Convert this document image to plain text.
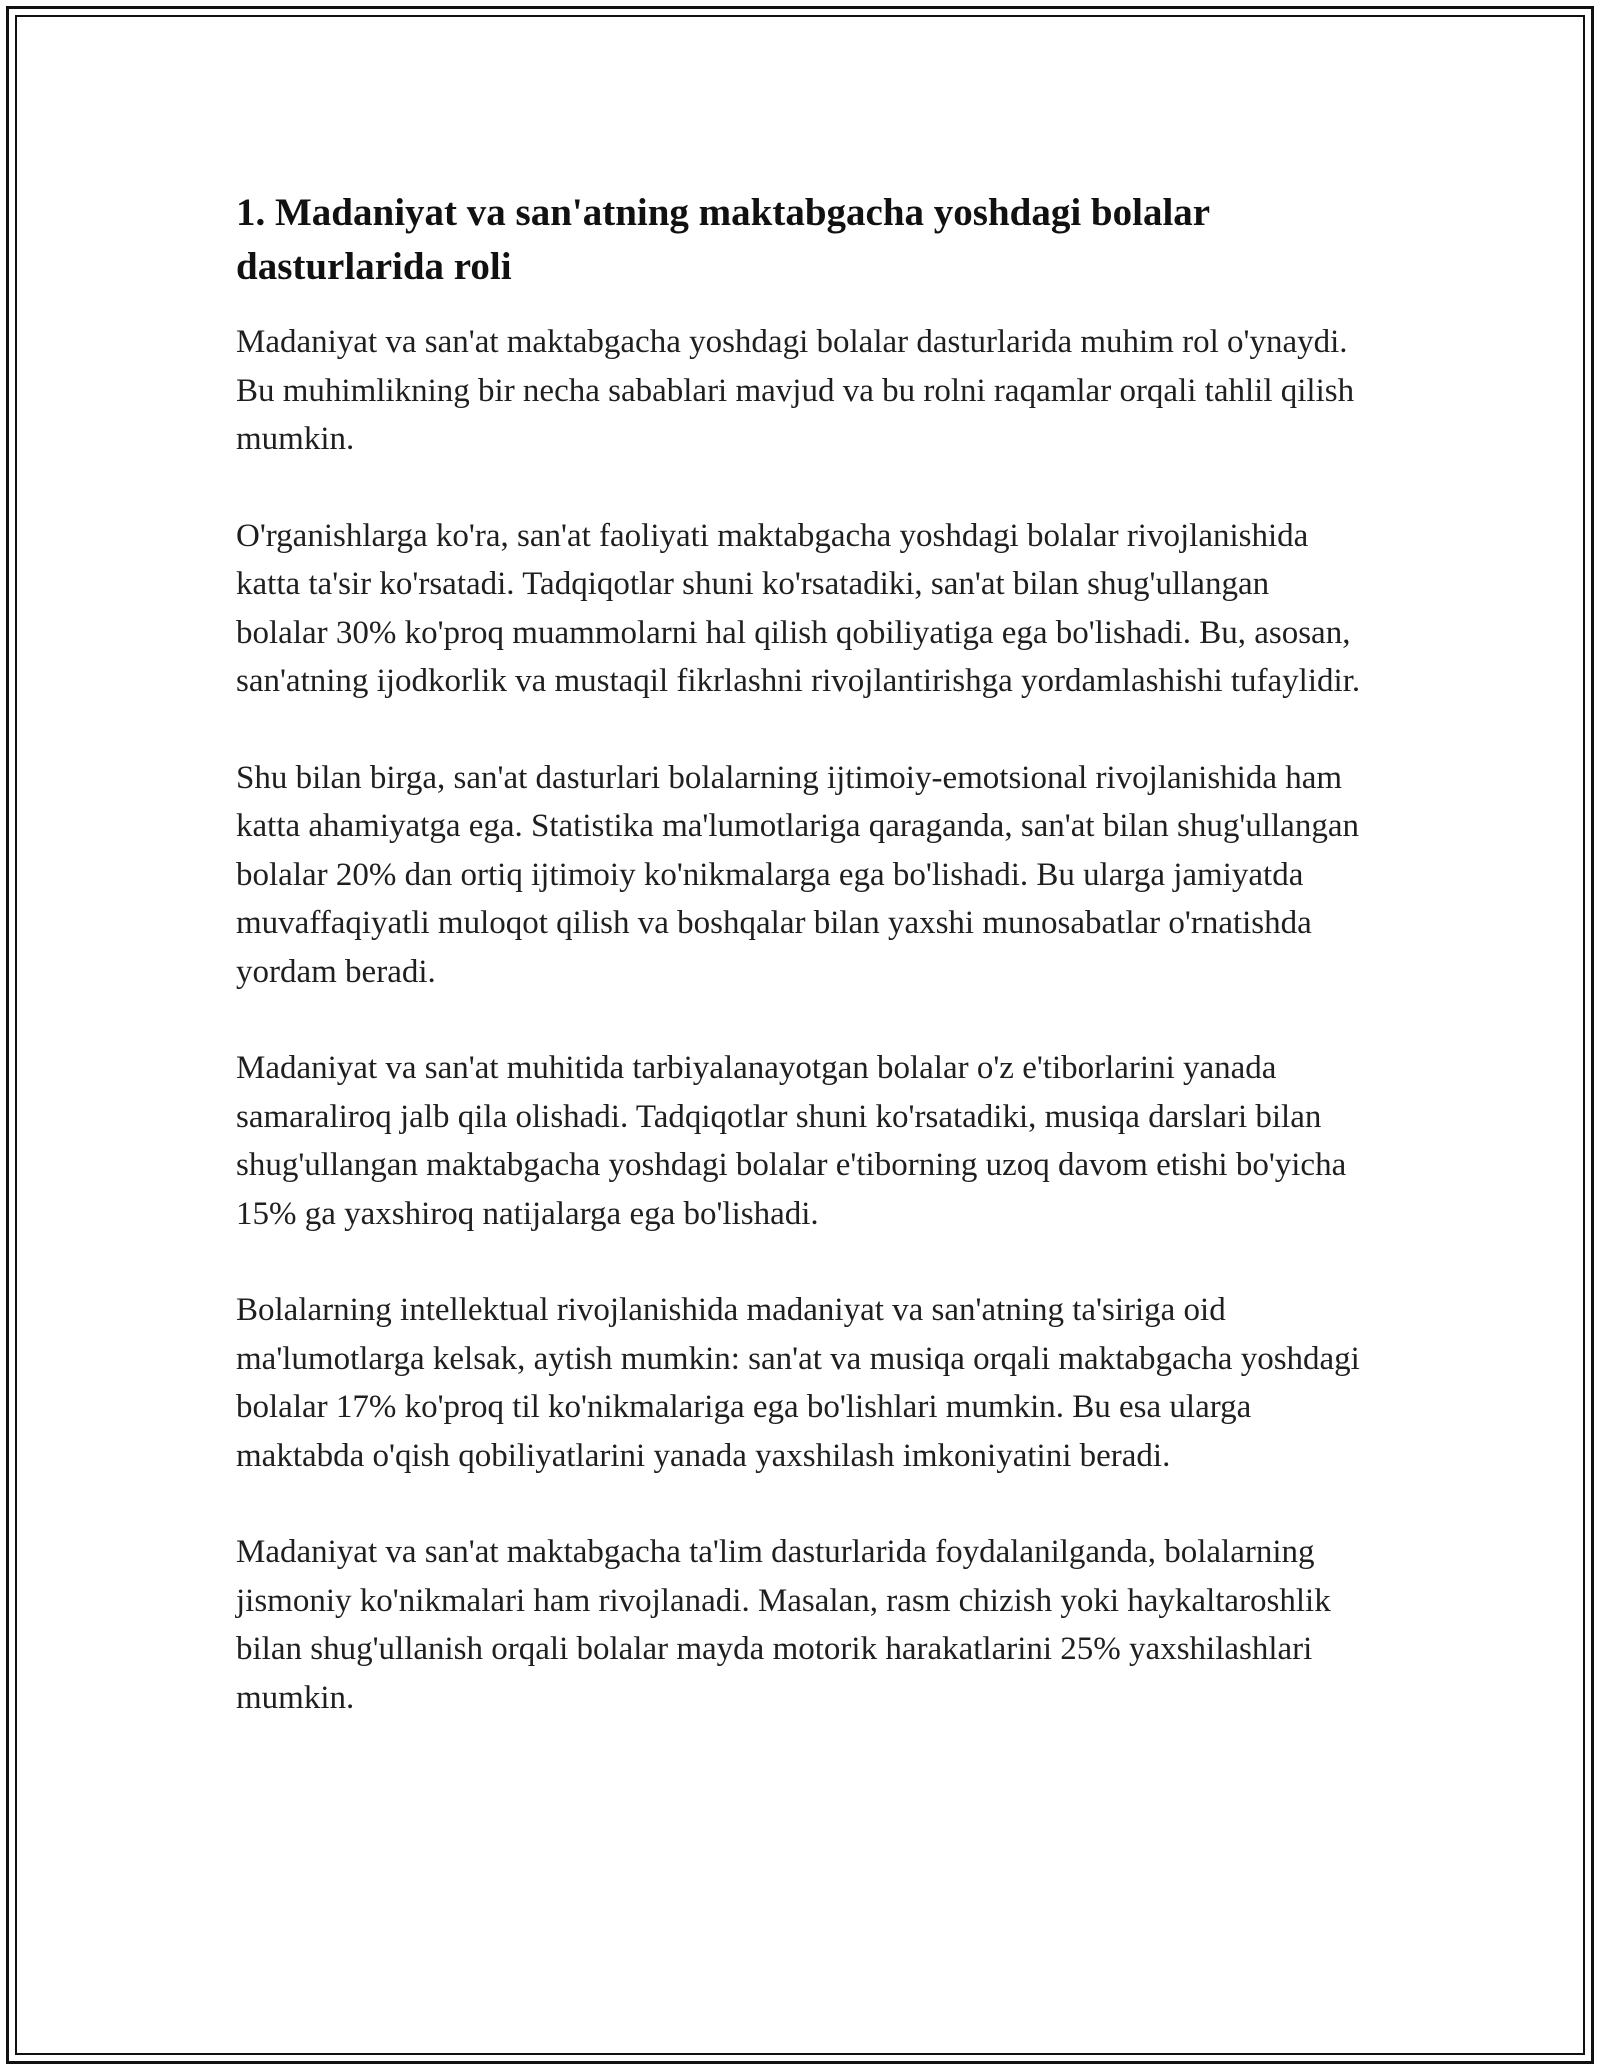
1. Madaniyat va san'atning maktabgacha yoshdagi bolalar dasturlarida roli

Madaniyat va san'at maktabgacha yoshdagi bolalar dasturlarida muhim rol o'ynaydi. Bu muhimlikning bir necha sabablari mavjud va bu rolni raqamlar orqali tahlil qilish mumkin.

O'rganishlarga ko'ra, san'at faoliyati maktabgacha yoshdagi bolalar rivojlanishida katta ta'sir ko'rsatadi. Tadqiqotlar shuni ko'rsatadiki, san'at bilan shug'ullangan bolalar 30% ko'proq muammolarni hal qilish qobiliyatiga ega bo'lishadi. Bu, asosan, san'atning ijodkorlik va mustaqil fikrlashni rivojlantirishga yordamlashishi tufaylidir.

Shu bilan birga, san'at dasturlari bolalarning ijtimoiy-emotsional rivojlanishida ham katta ahamiyatga ega. Statistika ma'lumotlariga qaraganda, san'at bilan shug'ullangan bolalar 20% dan ortiq ijtimoiy ko'nikmalarga ega bo'lishadi. Bu ularga jamiyatda muvaffaqiyatli muloqot qilish va boshqalar bilan yaxshi munosabatlar o'rnatishda yordam beradi.

Madaniyat va san'at muhitida tarbiyalanayotgan bolalar o'z e'tiborlarini yanada samaraliroq jalb qila olishadi. Tadqiqotlar shuni ko'rsatadiki, musiqa darslari bilan shug'ullangan maktabgacha yoshdagi bolalar e'tiborning uzoq davom etishi bo'yicha 15% ga yaxshiroq natijalarga ega bo'lishadi.

Bolalarning intellektual rivojlanishida madaniyat va san'atning ta'siriga oid ma'lumotlarga kelsak, aytish mumkin: san'at va musiqa orqali maktabgacha yoshdagi bolalar 17% ko'proq til ko'nikmalariga ega bo'lishlari mumkin. Bu esa ularga maktabda o'qish qobiliyatlarini yanada yaxshilash imkoniyatini beradi.

Madaniyat va san'at maktabgacha ta'lim dasturlarida foydalanilganda, bolalarning jismoniy ko'nikmalari ham rivojlanadi. Masalan, rasm chizish yoki haykaltaroshlik bilan shug'ullanish orqali bolalar mayda motorik harakatlarini 25% yaxshilashlari mumkin.
